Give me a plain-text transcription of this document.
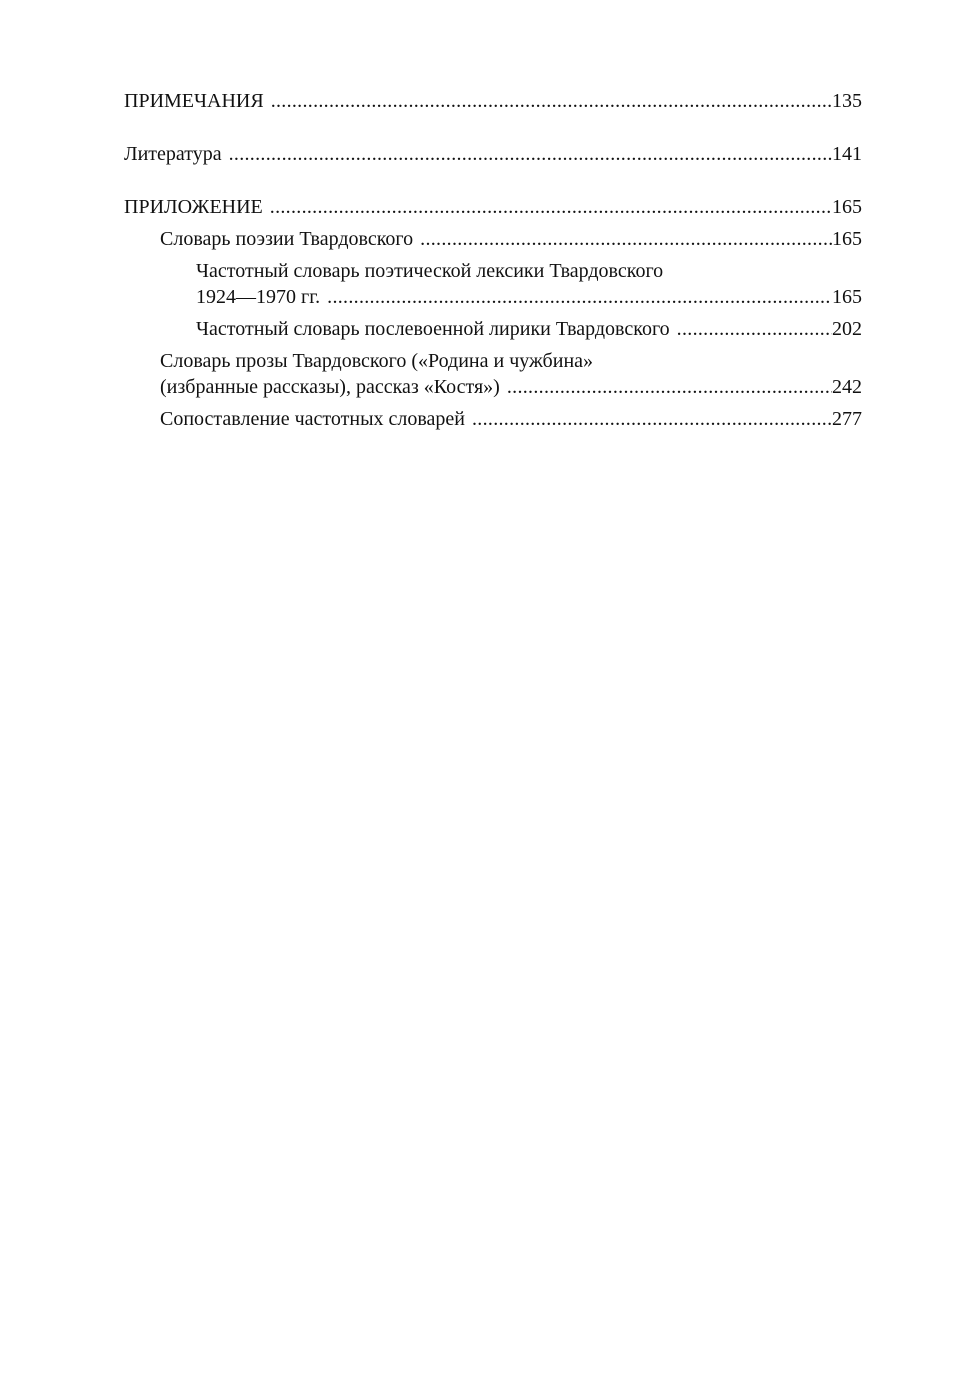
ПРИМЕЧАНИЯ .....	135
Литература .....	141
ПРИЛОЖЕНИЕ .....	165
Словарь поэзии Твардовского .....	165
Частотный словарь поэтической лексики Твардовского
1924—1970 гг. .....	165
Частотный словарь послевоенной лирики Твардовского .....	202
Словарь прозы Твардовского («Родина и чужбина»
(избранные рассказы), рассказ «Костя») .....	242
Сопоставление частотных словарей .....	277
